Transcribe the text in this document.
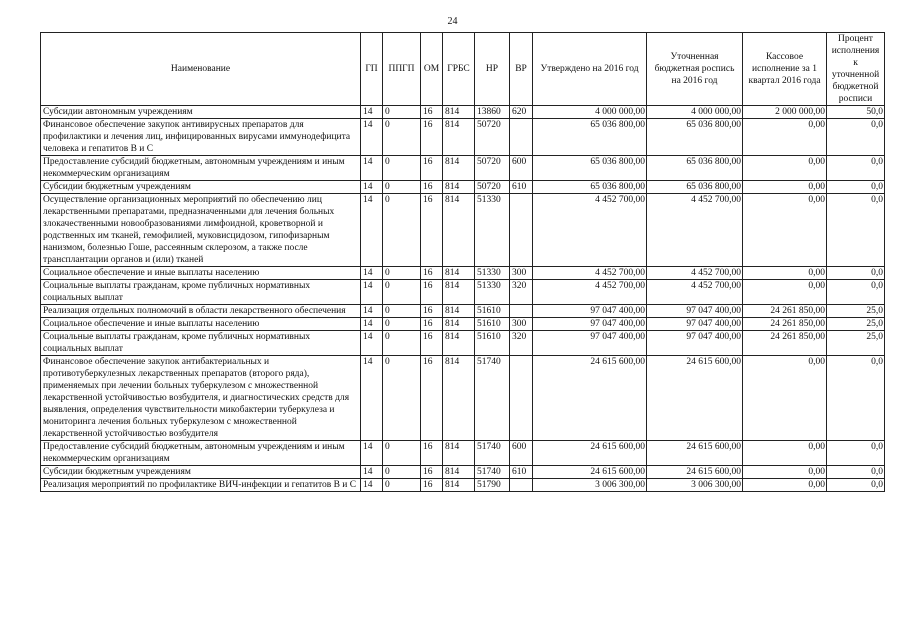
24
Наименование	ГП	ППГП	ОМ	ГРБС	НР	ВР	Утверждено на 2016 год	Уточненная бюджетная роспись на 2016 год	Кассовое исполнение за 1 квартал 2016 года	Процент исполнения к уточненной бюджетной росписи
Субсидии автономным учреждениям	14	0	16	814	13860	620	4 000 000,00	4 000 000,00	2 000 000,00	50,0
Финансовое обеспечение закупок антивирусных препаратов для профилактики и лечения лиц, инфицированных вирусами иммунодефицита человека и гепатитов В и С	14	0	16	814	50720		65 036 800,00	65 036 800,00	0,00	0,0
Предоставление субсидий бюджетным, автономным учреждениям и иным некоммерческим организациям	14	0	16	814	50720	600	65 036 800,00	65 036 800,00	0,00	0,0
Субсидии бюджетным учреждениям	14	0	16	814	50720	610	65 036 800,00	65 036 800,00	0,00	0,0
Осуществление организационных мероприятий по обеспечению лиц лекарственными препаратами, предназначенными для лечения больных злокачественными новообразованиями лимфоидной, кроветворной и родственных им тканей, гемофилией, муковисцидозом, гипофизарным нанизмом, болезнью Гоше, рассеянным склерозом, а также после трансплантации органов и (или) тканей	14	0	16	814	51330		4 452 700,00	4 452 700,00	0,00	0,0
Социальное обеспечение и иные выплаты населению	14	0	16	814	51330	300	4 452 700,00	4 452 700,00	0,00	0,0
Социальные выплаты гражданам, кроме публичных нормативных социальных выплат	14	0	16	814	51330	320	4 452 700,00	4 452 700,00	0,00	0,0
Реализация отдельных полномочий в области лекарственного обеспечения	14	0	16	814	51610		97 047 400,00	97 047 400,00	24 261 850,00	25,0
Социальное обеспечение и иные выплаты населению	14	0	16	814	51610	300	97 047 400,00	97 047 400,00	24 261 850,00	25,0
Социальные выплаты гражданам, кроме публичных нормативных социальных выплат	14	0	16	814	51610	320	97 047 400,00	97 047 400,00	24 261 850,00	25,0
Финансовое обеспечение закупок антибактериальных и противотуберкулезных лекарственных препаратов (второго ряда), применяемых при лечении больных туберкулезом с множественной лекарственной устойчивостью возбудителя, и диагностических средств для выявления, определения чувствительности микобактерии туберкулеза и мониторинга лечения больных туберкулезом с множественной лекарственной устойчивостью возбудителя	14	0	16	814	51740		24 615 600,00	24 615 600,00	0,00	0,0
Предоставление субсидий бюджетным, автономным учреждениям и иным некоммерческим организациям	14	0	16	814	51740	600	24 615 600,00	24 615 600,00	0,00	0,0
Субсидии бюджетным учреждениям	14	0	16	814	51740	610	24 615 600,00	24 615 600,00	0,00	0,0
Реализация мероприятий по профилактике ВИЧ-инфекции и гепатитов В и С	14	0	16	814	51790		3 006 300,00	3 006 300,00	0,00	0,0
